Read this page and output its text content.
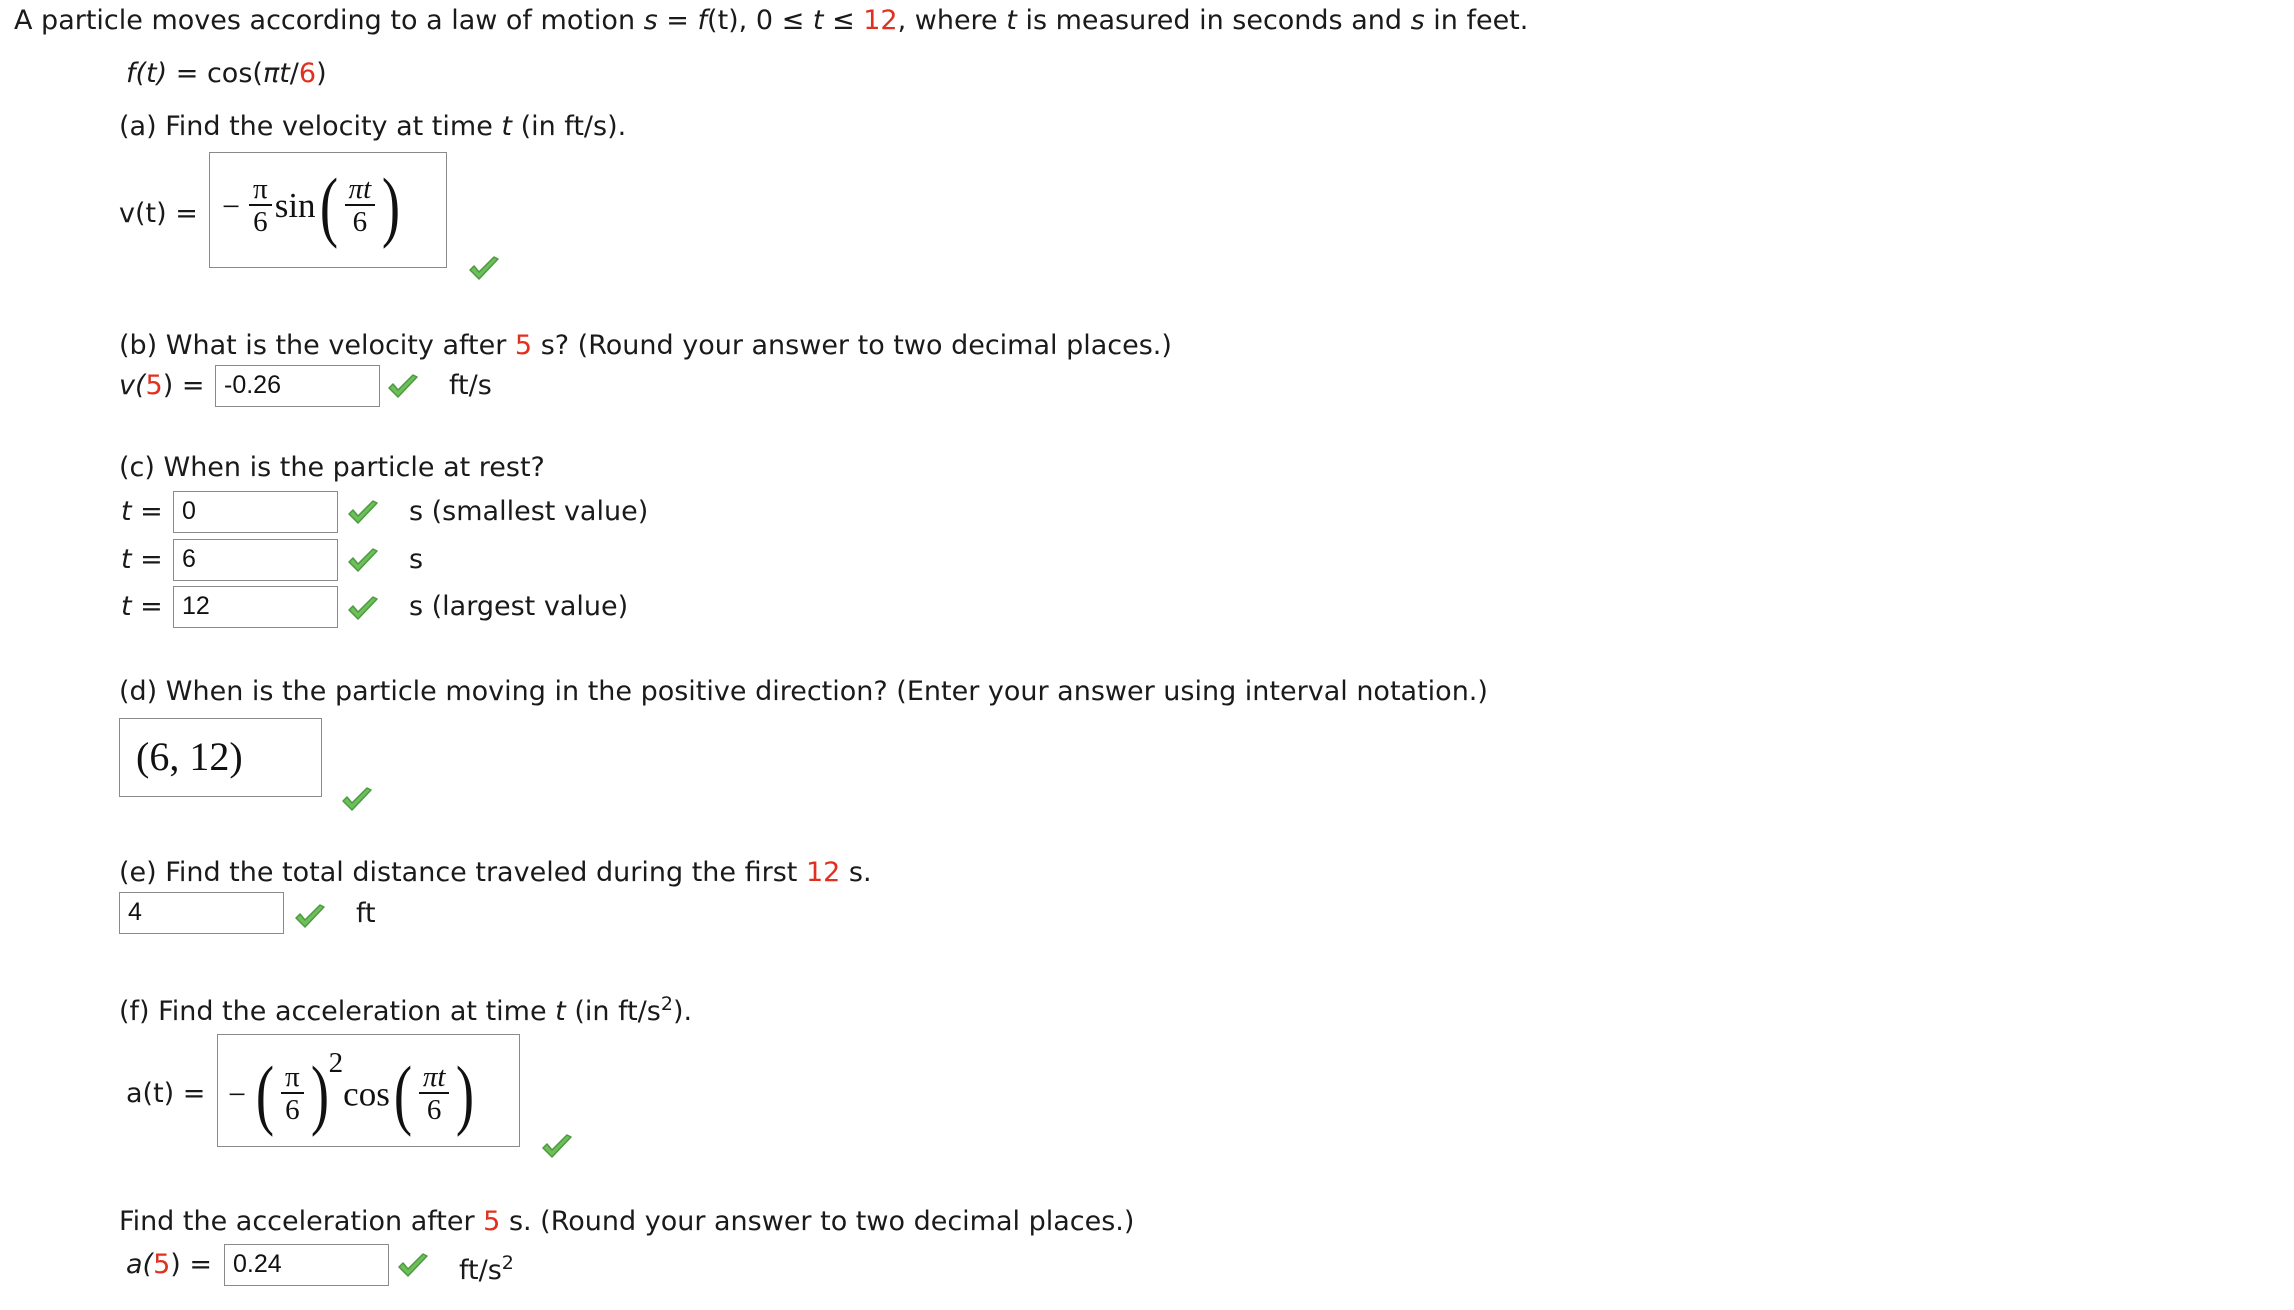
A particle moves according to a law of motion s = f(t), 0 ≤ t ≤ 12, where t is measured in seconds and s in feet.
f(t) = cos(πt/6)
(a) Find the velocity at time t (in ft/s).
v(t) = − $\frac{\pi}{6} \sin( \frac{\pi t}{6}$ )
(b) What is the velocity after 5 s? (Round your answer to two decimal places.)
v(5) = -0.26	ft/s
(c) When is the particle at rest?
t = 0	s (smallest value)
t = 6	s
t = 12	s (largest value)
(d) When is the particle moving in the positive direction? (Enter your answer using interval notation.)
(6, 12)
(e) Find the total distance traveled during the first 12 s.
4	ft
(f) Find the acceleration at time t (in $ft/s^2$).
a(t) = − ( $\frac{\pi}{6} )^2\cos( \frac{\pi t}{6}$ )
Find the acceleration after 5 s. (Round your answer to two decimal places.)
a(5) = 0.24	$ft/s^2$
